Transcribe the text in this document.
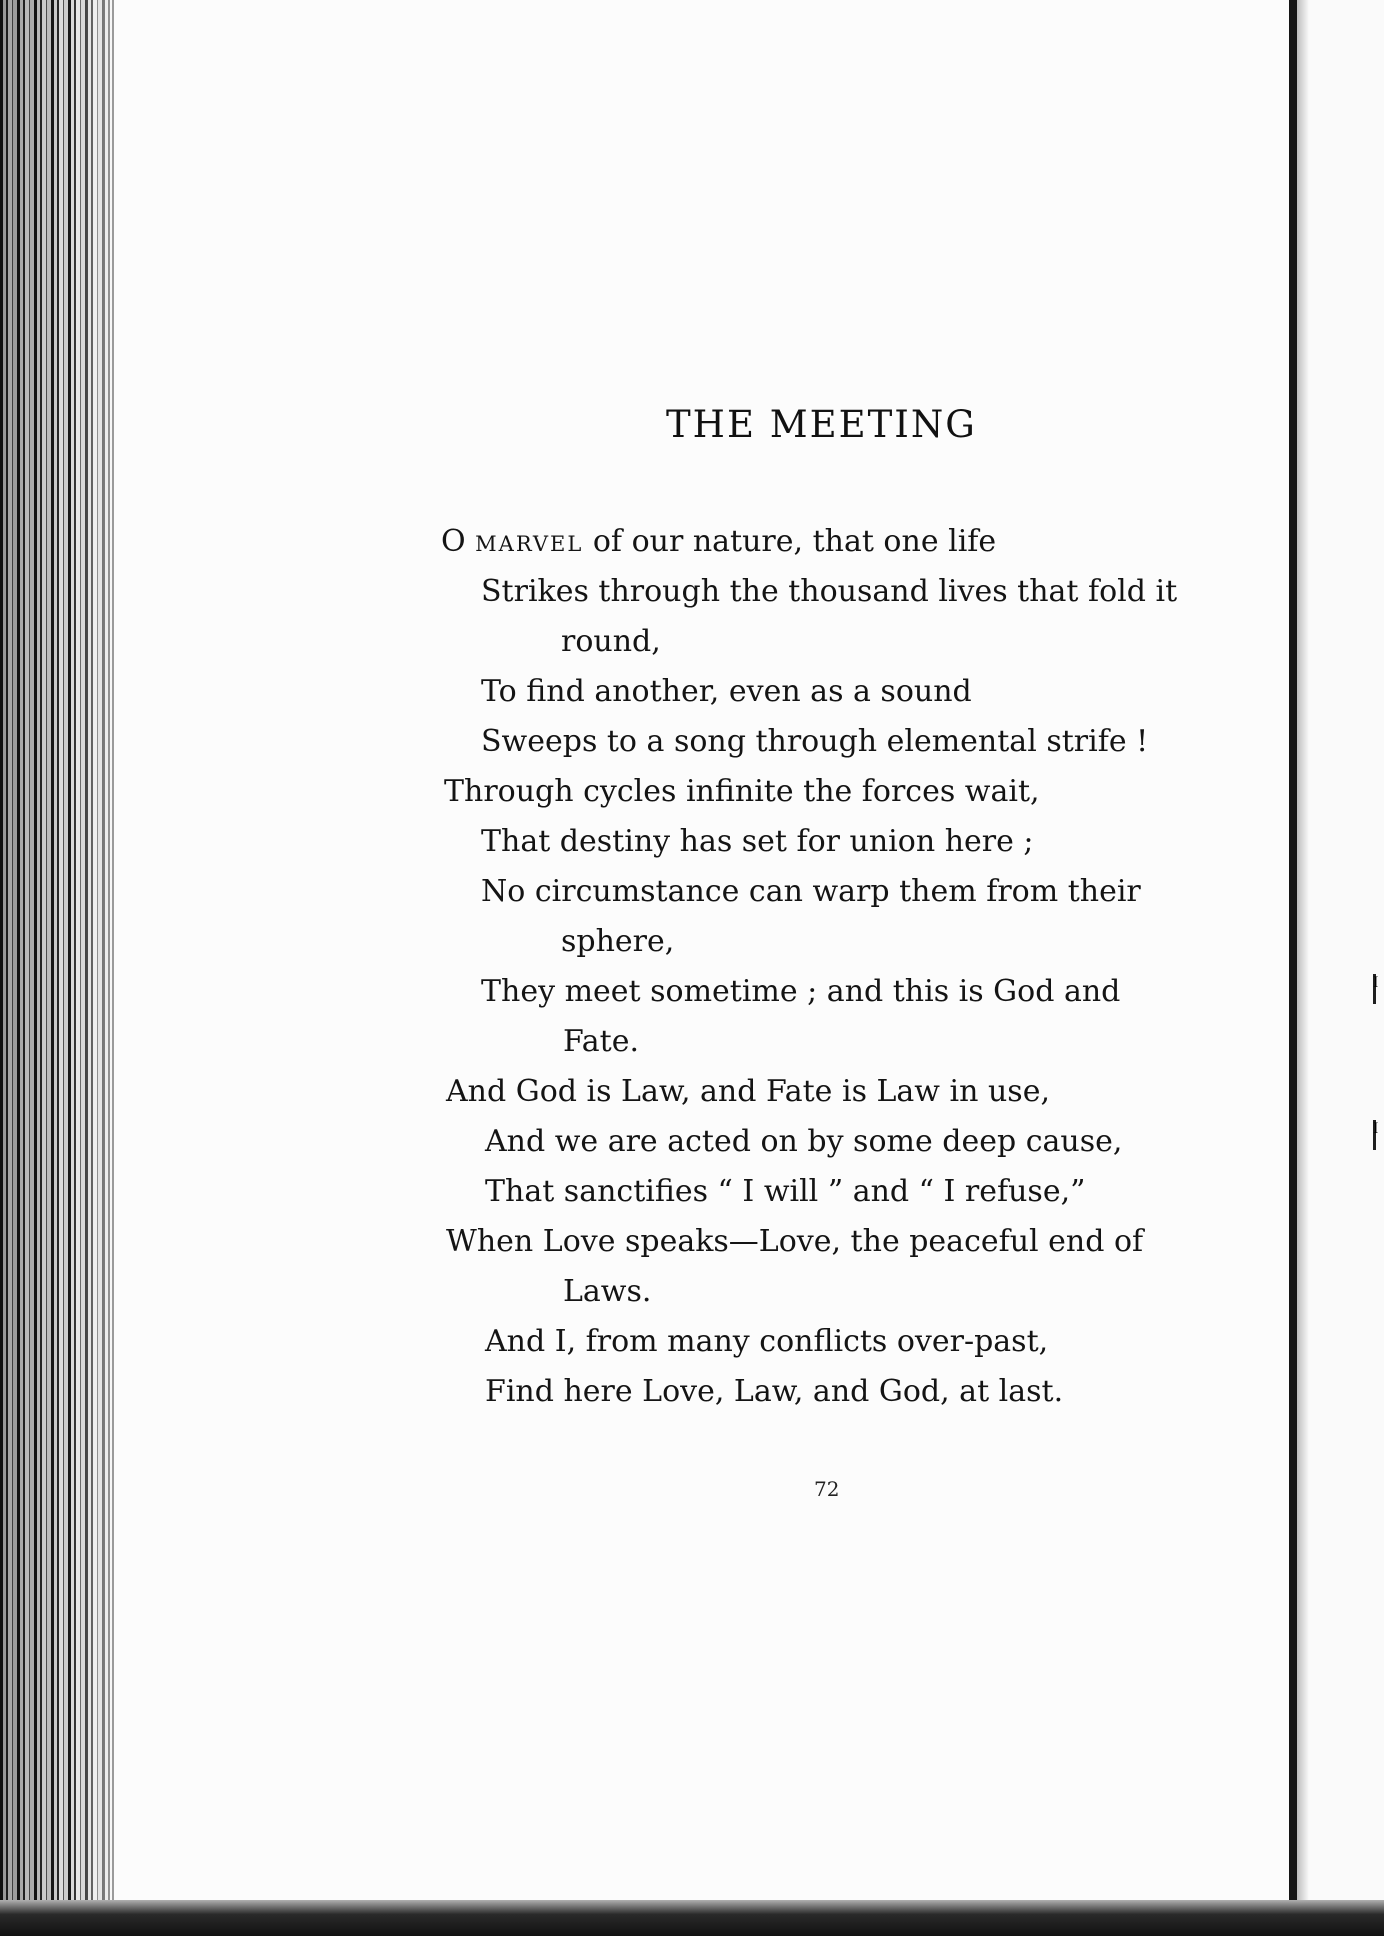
I
I
THE MEETING
O MARVEL of our nature, that one life
Strikes through the thousand lives that fold it
round,
To find another, even as a sound
Sweeps to a song through elemental strife !
Through cycles infinite the forces wait,
That destiny has set for union here ;
No circumstance can warp them from their
sphere,
They meet sometime ; and this is God and
Fate.
And God is Law, and Fate is Law in use,
And we are acted on by some deep cause,
That sanctifies “ I will ” and “ I refuse,”
When Love speaks—Love, the peaceful end of
Laws.
And I, from many conflicts over-past,
Find here Love, Law, and God, at last.
72
